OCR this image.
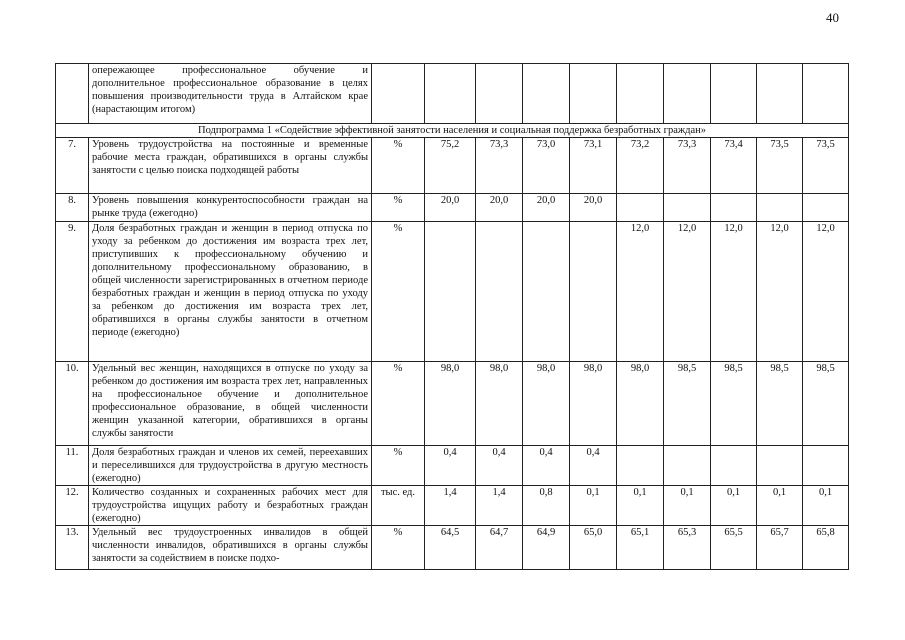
40
	опережающее профессиональное обучение и дополнительное профессиональное образование в целях повышения производительности труда в Алтайском крае (нарастающим итогом)										
Подпрограмма 1 «Содействие эффективной занятости населения и социальная поддержка безработных граждан»											
7.	Уровень трудоустройства на постоянные и временные рабочие места граждан, обратившихся в органы службы занятости с целью поиска подходящей работы	%	75,2	73,3	73,0	73,1	73,2	73,3	73,4	73,5	73,5
8.	Уровень повышения конкурентоспособности граждан на рынке труда (ежегодно)	%	20,0	20,0	20,0	20,0					
9.	Доля безработных граждан и женщин в период отпуска по уходу за ребенком до достижения им возраста трех лет, приступивших к профессиональному обучению и дополнительному профессиональному образованию, в общей численности зарегистрированных в отчетном периоде безработных граждан и женщин в период отпуска по уходу за ребенком до достижения им возраста трех лет, обратившихся в органы службы занятости в отчетном периоде (ежегодно)	%					12,0	12,0	12,0	12,0	12,0
10.	Удельный вес женщин, находящихся в отпуске по уходу за ребенком до достижения им возраста трех лет, направленных на профессиональное обучение и дополнительное профессиональное образование, в общей численности женщин указанной категории, обратившихся в органы службы занятости	%	98,0	98,0	98,0	98,0	98,0	98,5	98,5	98,5	98,5
11.	Доля безработных граждан и членов их семей, переехавших и переселившихся для трудоустройства в другую местность (ежегодно)	%	0,4	0,4	0,4	0,4					
12.	Количество созданных и сохраненных рабочих мест для трудоустройства ищущих работу и безработных граждан (ежегодно)	тыс. ед.	1,4	1,4	0,8	0,1	0,1	0,1	0,1	0,1	0,1
13.	Удельный вес трудоустроенных инвалидов в общей численности инвалидов, обратившихся в органы службы занятости за содействием в поиске подхо-	%	64,5	64,7	64,9	65,0	65,1	65,3	65,5	65,7	65,8
